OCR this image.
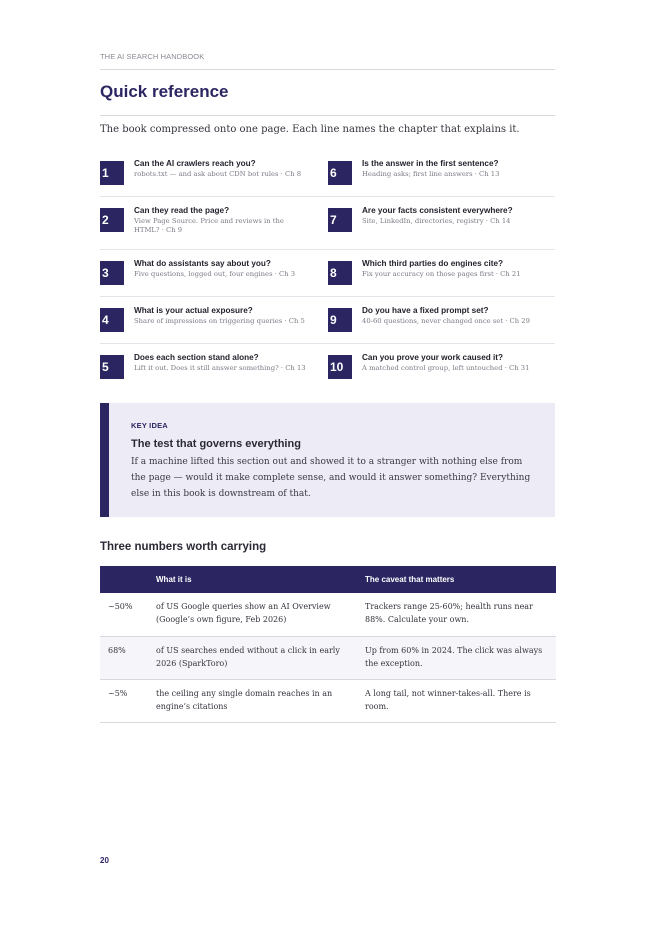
THE AI SEARCH HANDBOOK
Quick reference

The book compressed onto one page. Each line names the chapter that explains it.

1
Can the AI crawlers reach you?
robots.txt — and ask about CDN bot rules · Ch 8
2
Can they read the page?
View Page Source. Price and reviews in the HTML? · Ch 9
3
What do assistants say about you?
Five questions, logged out, four engines · Ch 3
4
What is your actual exposure?
Share of impressions on triggering queries · Ch 5
5
Does each section stand alone?
Lift it out. Does it still answer something? · Ch 13
6
Is the answer in the first sentence?
Heading asks; first line answers · Ch 13
7
Are your facts consistent everywhere?
Site, LinkedIn, directories, registry · Ch 14
8
Which third parties do engines cite?
Fix your accuracy on those pages first · Ch 21
9
Do you have a fixed prompt set?
40-60 questions, never changed once set · Ch 29
10
Can you prove your work caused it?
A matched control group, left untouched · Ch 31
KEY IDEA
The test that governs everything
If a machine lifted this section out and showed it to a stranger with nothing else from the page — would it make complete sense, and would it answer something? Everything else in this book is downstream of that.
Three numbers worth carrying
	What it is	The caveat that matters
~50%	of US Google queries show an AI Overview (Google’s own figure, Feb 2026)	Trackers range 25-60%; health runs near 88%. Calculate your own.
68%	of US searches ended without a click in early 2026 (SparkToro)	Up from 60% in 2024. The click was always the exception.
~5%	the ceiling any single domain reaches in an engine’s citations	A long tail, not winner-takes-all. There is room.
20
